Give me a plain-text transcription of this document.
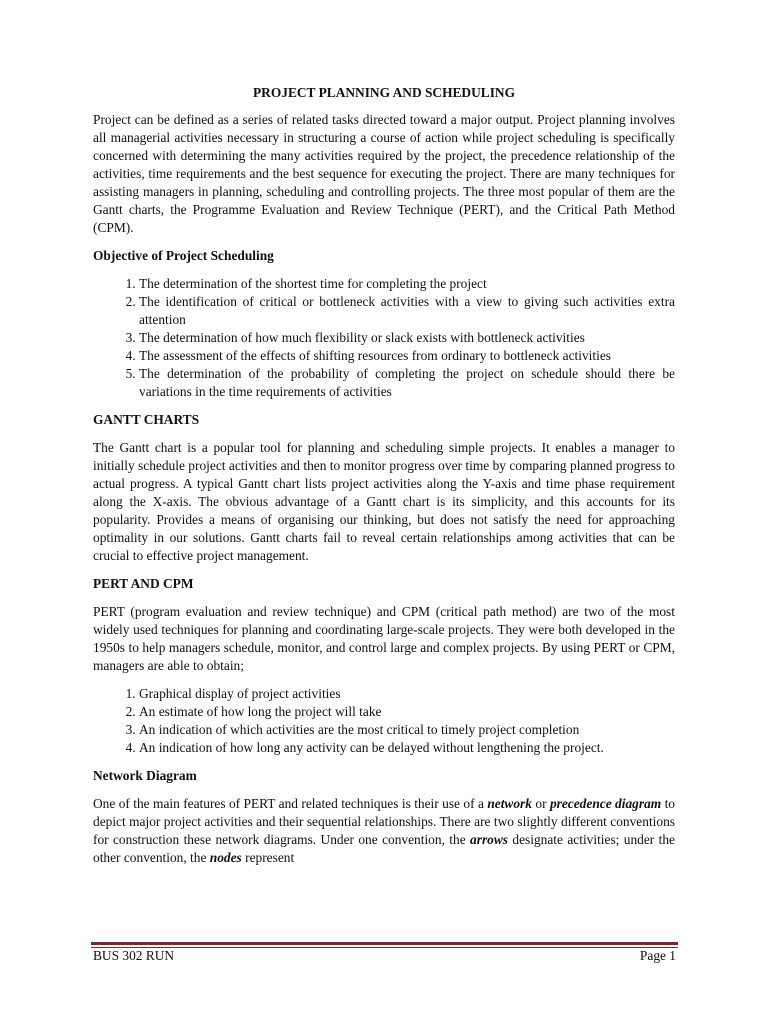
PROJECT PLANNING AND SCHEDULING

Project can be defined as a series of related tasks directed toward a major output. Project planning involves all managerial activities necessary in structuring a course of action while project scheduling is specifically concerned with determining the many activities required by the project, the precedence relationship of the activities, time requirements and the best sequence for executing the project. There are many techniques for assisting managers in planning, scheduling and controlling projects. The three most popular of them are the Gantt charts, the Programme Evaluation and Review Technique (PERT), and the Critical Path Method (CPM).

Objective of Project Scheduling
1. The determination of the shortest time for completing the project
2. The identification of critical or bottleneck activities with a view to giving such activities extra attention
3. The determination of how much flexibility or slack exists with bottleneck activities
4. The assessment of the effects of shifting resources from ordinary to bottleneck activities
5. The determination of the probability of completing the project on schedule should there be variations in the time requirements of activities
GANTT CHARTS

The Gantt chart is a popular tool for planning and scheduling simple projects. It enables a manager to initially schedule project activities and then to monitor progress over time by comparing planned progress to actual progress. A typical Gantt chart lists project activities along the Y-axis and time phase requirement along the X-axis. The obvious advantage of a Gantt chart is its simplicity, and this accounts for its popularity. Provides a means of organising our thinking, but does not satisfy the need for approaching optimality in our solutions. Gantt charts fail to reveal certain relationships among activities that can be crucial to effective project management.

PERT AND CPM

PERT (program evaluation and review technique) and CPM (critical path method) are two of the most widely used techniques for planning and coordinating large-scale projects. They were both developed in the 1950s to help managers schedule, monitor, and control large and complex projects. By using PERT or CPM, managers are able to obtain;

1. Graphical display of project activities
2. An estimate of how long the project will take
3. An indication of which activities are the most critical to timely project completion
4. An indication of how long any activity can be delayed without lengthening the project.
Network Diagram

One of the main features of PERT and related techniques is their use of a network or precedence diagram to depict major project activities and their sequential relationships. There are two slightly different conventions for construction these network diagrams. Under one convention, the arrows designate activities; under the other convention, the nodes represent

BUS 302 RUN	Page 1
